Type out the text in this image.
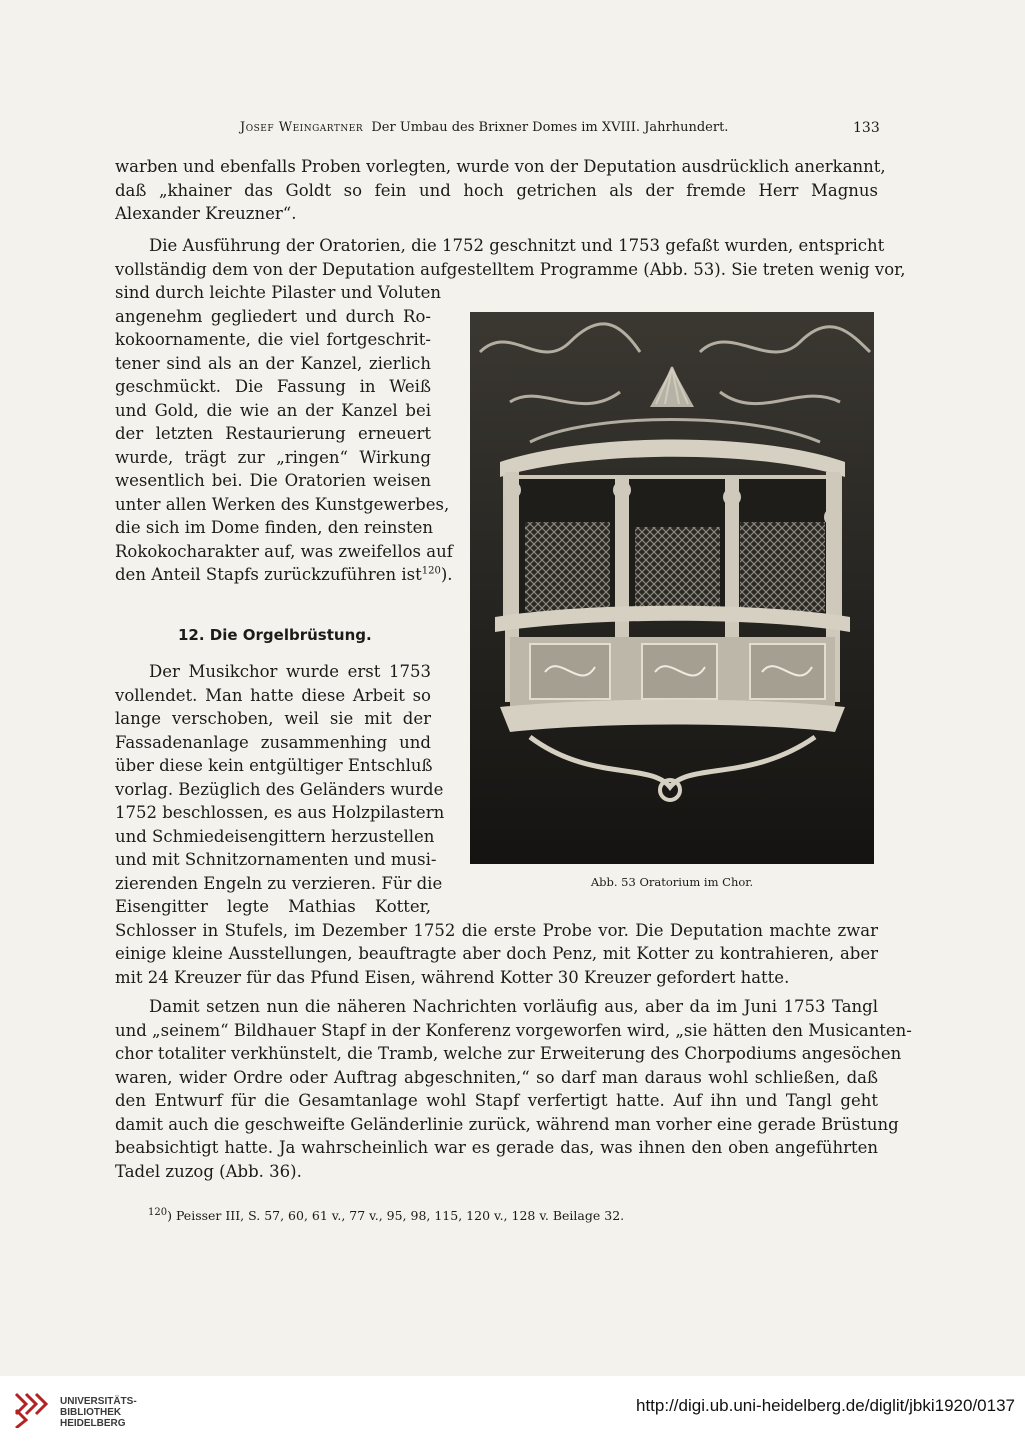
Josef Weingartner Der Umbau des Brixner Domes im XVIII. Jahrhundert.	133
warben und ebenfalls Proben vorlegten, wurde von der Deputation ausdrücklich anerkannt,
daß „khainer das Goldt so fein und hoch getrichen als der fremde Herr Magnus
Alexander Kreuzner“.
Die Ausführung der Oratorien, die 1752 geschnitzt und 1753 gefaßt wurden, entspricht
vollständig dem von der Deputation aufgestelltem Programme (Abb. 53). Sie treten wenig vor,
sind durch leichte Pilaster und Voluten
angenehm gegliedert und durch Ro-
kokoornamente, die viel fortgeschrit-
tener sind als an der Kanzel, zierlich
geschmückt. Die Fassung in Weiß
und Gold, die wie an der Kanzel bei
der letzten Restaurierung erneuert
wurde, trägt zur „ringen“ Wirkung
wesentlich bei. Die Oratorien weisen
unter allen Werken des Kunstgewerbes,
die sich im Dome finden, den reinsten
Rokokocharakter auf, was zweifellos auf
den Anteil Stapfs zurückzuführen ist$^{120}$).
12. Die Orgelbrüstung.
Der Musikchor wurde erst 1753
vollendet. Man hatte diese Arbeit so
lange verschoben, weil sie mit der
Fassadenanlage zusammenhing und
über diese kein entgültiger Entschluß
vorlag. Bezüglich des Geländers wurde
1752 beschlossen, es aus Holzpilastern
und Schmiedeisengittern herzustellen
und mit Schnitzornamenten und musi-
zierenden Engeln zu verzieren. Für die
Eisengitter legte Mathias Kotter,
Schlosser in Stufels, im Dezember 1752 die erste Probe vor. Die Deputation machte zwar
einige kleine Ausstellungen, beauftragte aber doch Penz, mit Kotter zu kontrahieren, aber
mit 24 Kreuzer für das Pfund Eisen, während Kotter 30 Kreuzer gefordert hatte.
Damit setzen nun die näheren Nachrichten vorläufig aus, aber da im Juni 1753 Tangl
und „seinem“ Bildhauer Stapf in der Konferenz vorgeworfen wird, „sie hätten den Musicanten-
chor totaliter verkhünstelt, die Tramb, welche zur Erweiterung des Chorpodiums angesöchen
waren, wider Ordre oder Auftrag abgeschniten,“ so darf man daraus wohl schließen, daß
den Entwurf für die Gesamtanlage wohl Stapf verfertigt hatte. Auf ihn und Tangl geht
damit auch die geschweifte Geländerlinie zurück, während man vorher eine gerade Brüstung
beabsichtigt hatte. Ja wahrscheinlich war es gerade das, was ihnen den oben angeführten
Tadel zuzog (Abb. 36).
$^{120}$) Peisser III, S. 57, 60, 61 v., 77 v., 95, 98, 115, 120 v., 128 v. Beilage 32.
Abb. 53 Oratorium im Chor.
UNIVERSITÄTS-
BIBLIOTHEK
HEIDELBERG
http://digi.ub.uni-heidelberg.de/diglit/jbki1920/0137
